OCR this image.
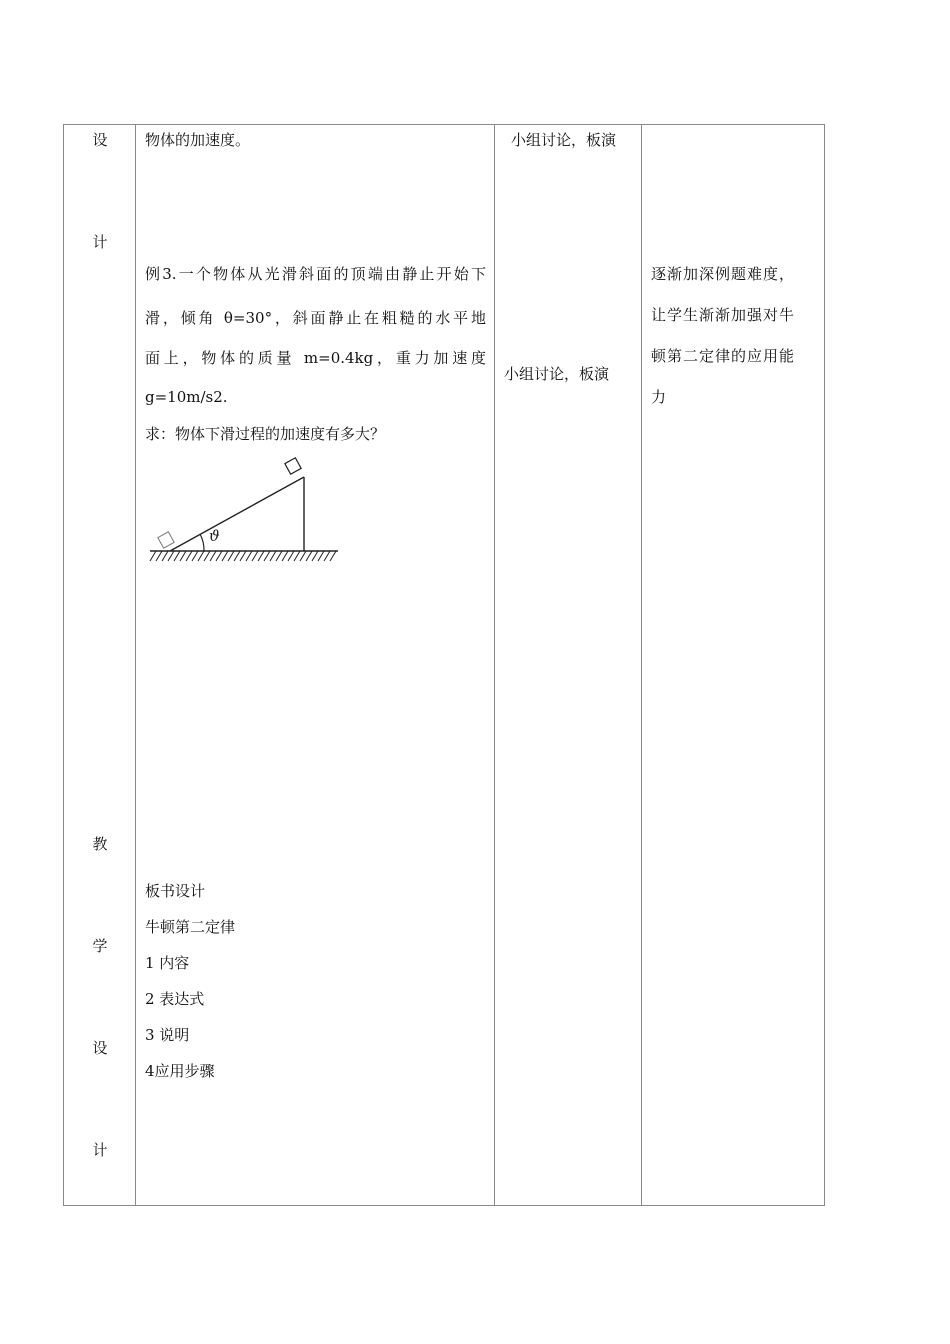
设
计
教
学
设
计
物体的加速度。
例3.一个物体从光滑斜面的顶端由静止开始下
滑，倾角 θ=30°，斜面静止在粗糙的水平地
面上，物体的质量 m=0.4kg，重力加速度
g=10m/s2.
求：物体下滑过程的加速度有多大？
ϑ
板书设计
牛顿第二定律
1 内容
2 表达式
3 说明
4应用步骤
小组讨论，板演
小组讨论，板演
逐渐加深例题难度，
让学生渐渐加强对牛
顿第二定律的应用能
力
